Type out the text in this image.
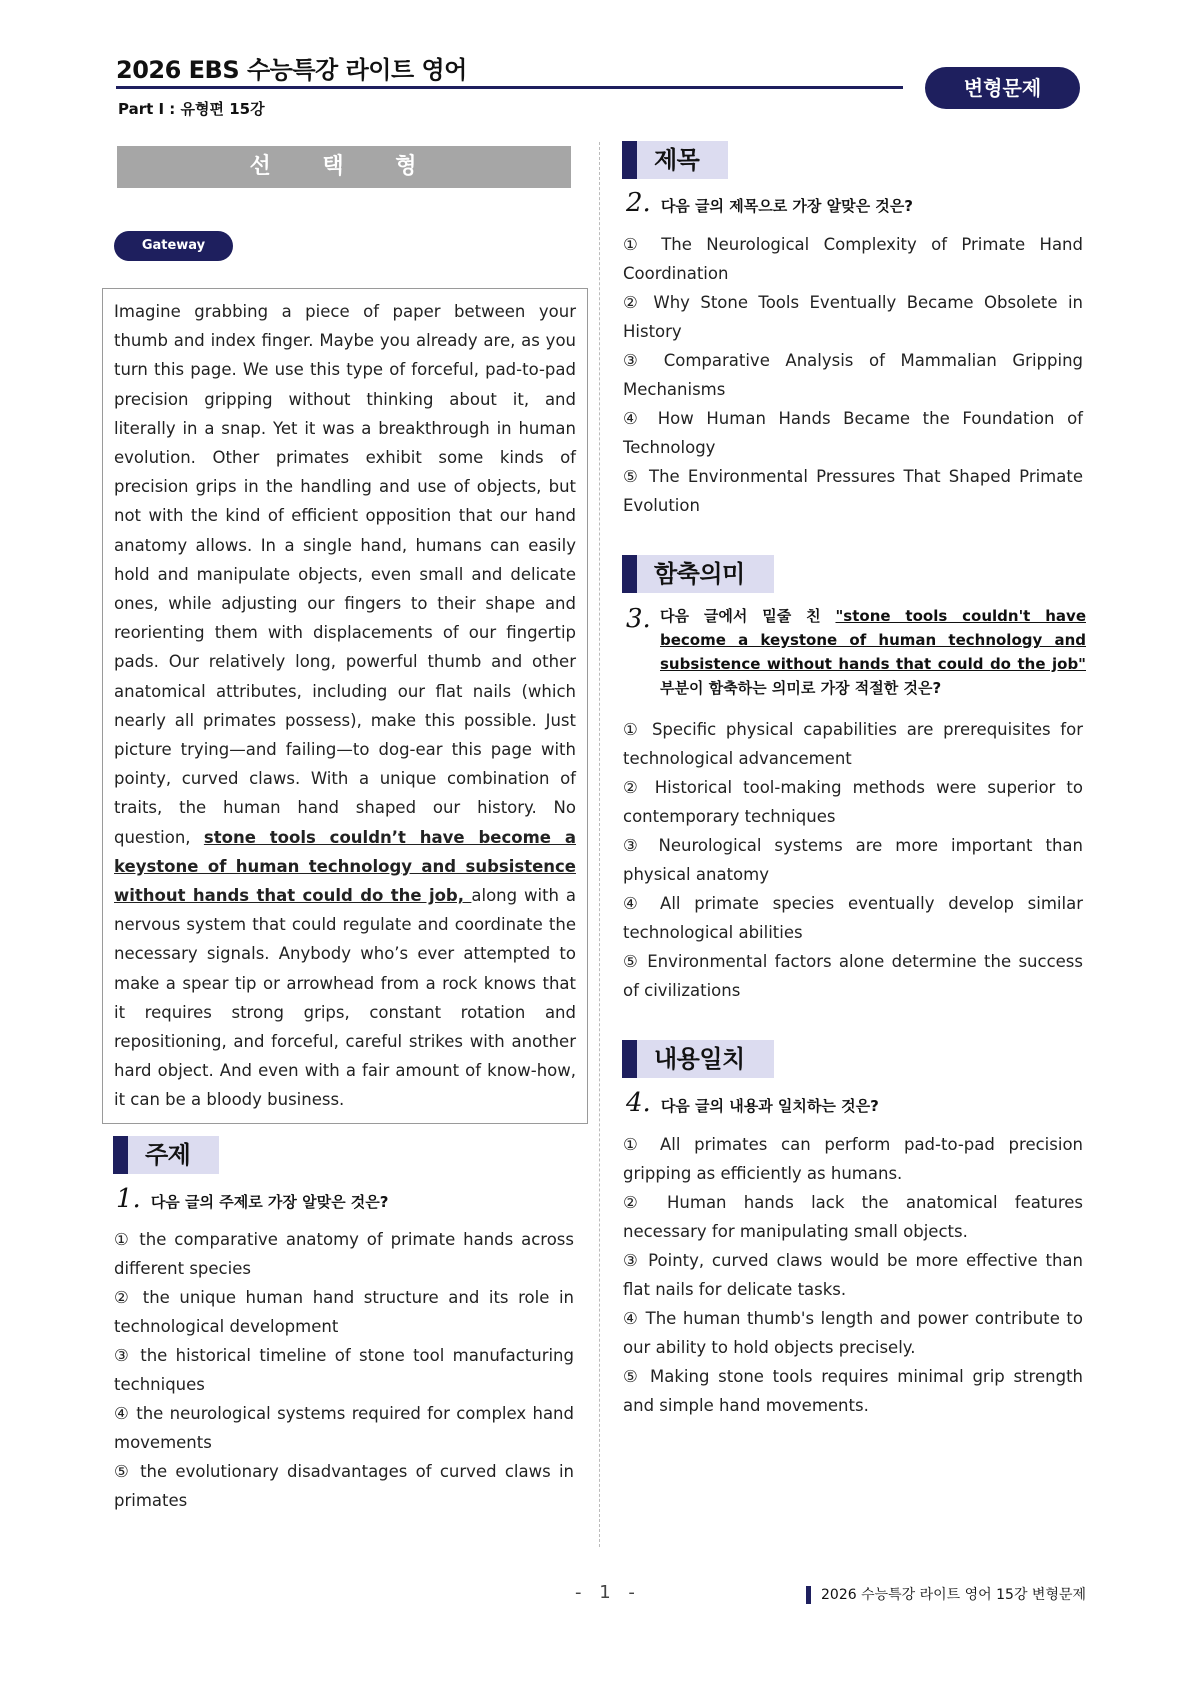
2026 EBS 수능특강 라이트 영어
Part Ⅰ : 유형편 15강
변형문제
선 택 형
Gateway
Imagine grabbing a piece of paper between your thumb and index finger. Maybe you already are, as you turn this page. We use this type of forceful, pad-to-pad precision gripping without thinking about it, and literally in a snap. Yet it was a breakthrough in human evolution. Other primates exhibit some kinds of precision grips in the handling and use of objects, but not with the kind of efficient opposition that our hand anatomy allows. In a single hand, humans can easily hold and manipulate objects, even small and delicate ones, while adjusting our fingers to their shape and reorienting them with displacements of our fingertip pads. Our relatively long, powerful thumb and other anatomical attributes, including our flat nails (which nearly all primates possess), make this possible. Just picture trying—and failing—to dog-ear this page with pointy, curved claws. With a unique combination of traits, the human hand shaped our history. No question, stone tools couldn’t have become a keystone of human technology and subsistence without hands that could do the job, along with a nervous system that could regulate and coordinate the necessary signals. Anybody who’s ever attempted to make a spear tip or arrowhead from a rock knows that it requires strong grips, constant rotation and repositioning, and forceful, careful strikes with another hard object. And even with a fair amount of know-how, it can be a bloody business.
주제
1. 다음 글의 주제로 가장 알맞은 것은?
① the comparative anatomy of primate hands across different species
② the unique human hand structure and its role in technological development
③ the historical timeline of stone tool manufacturing techniques
④ the neurological systems required for complex hand movements
⑤ the evolutionary disadvantages of curved claws in primates
제목
2. 다음 글의 제목으로 가장 알맞은 것은?
① The Neurological Complexity of Primate Hand Coordination
② Why Stone Tools Eventually Became Obsolete in History
③ Comparative Analysis of Mammalian Gripping Mechanisms
④ How Human Hands Became the Foundation of Technology
⑤ The Environmental Pressures That Shaped Primate Evolution
함축의미
3. 다음 글에서 밑줄 친 "stone tools couldn't have become a keystone of human technology and subsistence without hands that could do the job" 부분이 함축하는 의미로 가장 적절한 것은?
① Specific physical capabilities are prerequisites for technological advancement
② Historical tool-making methods were superior to contemporary techniques
③ Neurological systems are more important than physical anatomy
④ All primate species eventually develop similar technological abilities
⑤ Environmental factors alone determine the success of civilizations
내용일치
4. 다음 글의 내용과 일치하는 것은?
① All primates can perform pad-to-pad precision gripping as efficiently as humans.
② Human hands lack the anatomical features necessary for manipulating small objects.
③ Pointy, curved claws would be more effective than flat nails for delicate tasks.
④ The human thumb's length and power contribute to our ability to hold objects precisely.
⑤ Making stone tools requires minimal grip strength and simple hand movements.
- 1 -	2026 수능특강 라이트 영어 15강 변형문제
